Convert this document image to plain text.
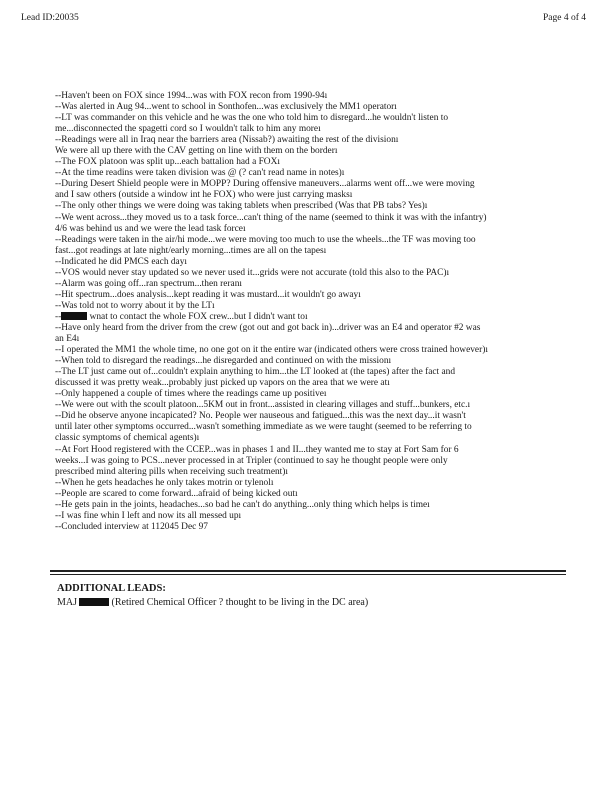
Lead ID:20035	Page 4 of 4
--Haven't been on FOX since 1994...was with FOX recon from 1990-94ı
--Was alerted in Aug 94...went to school in Sonthofen...was exclusively the MM1 operatorı
--LT was commander on this vehicle and he was the one who told him to disregard...he wouldn't listen to
me...disconnected the spagetti cord so I wouldn't talk to him any moreı
--Readings were all in Iraq near the barriers area (Nissab?) awaiting the rest of the divisionı
We were all up there with the CAV getting on line with them on the borderı
--The FOX platoon was split up...each battalion had a FOXı
--At the time readins were taken division was @ (? can't read name in notes)ı
--During Desert Shield people were in MOPP? During offensive maneuvers...alarms went off...we were moving
and I saw others (outside a window int he FOX) who were just carrying masksı
--The only other things we were doing was taking tablets when prescribed (Was that PB tabs? Yes)ı
--We went across...they moved us to a task force...can't thing of the name (seemed to think it was with the infantry)
4/6 was behind us and we were the lead task forceı
--Readings were taken in the air/hi mode...we were moving too much to use the wheels...the TF was moving too
fast...got readings at late night/early morning...times are all on the tapesı
--Indicated he did PMCS each dayı
--VOS would never stay updated so we never used it...grids were not accurate (told this also to the PAC)ı
--Alarm was going off...ran spectrum...then reranı
--Hit spectrum...does analysis...kept reading it was mustard...it wouldn't go awayı
--Was told not to worry about it by the LTı
--	wnat to contact the whole FOX crew...but I didn't want toı
--Have only heard from the driver from the crew (got out and got back in)...driver was an E4 and operator #2 was
an E4ı
--I operated the MM1 the whole time, no one got on it the entire war (indicated others were cross trained however)ı
--When told to disregard the readings...he disregarded and continued on with the missionı
--The LT just came out of...couldn't explain anything to him...the LT looked at (the tapes) after the fact and
discussed it was pretty weak...probably just picked up vapors on the area that we were atı
--Only happened a couple of times where the readings came up positiveı
--We were out with the scoult platoon...5KM out in front...assisted in clearing villages and stuff...bunkers, etc.ı
--Did he observe anyone incapicated? No. People wer nauseous and fatigued...this was the next day...it wasn't
until later other symptoms occurred...wasn't something immediate as we were taught (seemed to be referring to
classic symptoms of chemical agents)ı
--At Fort Hood registered with the CCEP...was in phases 1 and II...they wanted me to stay at Fort Sam for 6
weeks...I was going to PCS...never processed in at Tripler (continued to say he thought people were only
prescribed mind altering pills when receiving such treatment)ı
--When he gets headaches he only takes motrin or tylenolı
--People are scared to come forward...afraid of being kicked outı
--He gets pain in the joints, headaches...so bad he can't do anything...only thing which helps is timeı
--I was fine whin I left and now its all messed upı
--Concluded interview at 112045 Dec 97
ADDITIONAL LEADS:
MAJ	(Retired Chemical Officer ? thought to be living in the DC area)
